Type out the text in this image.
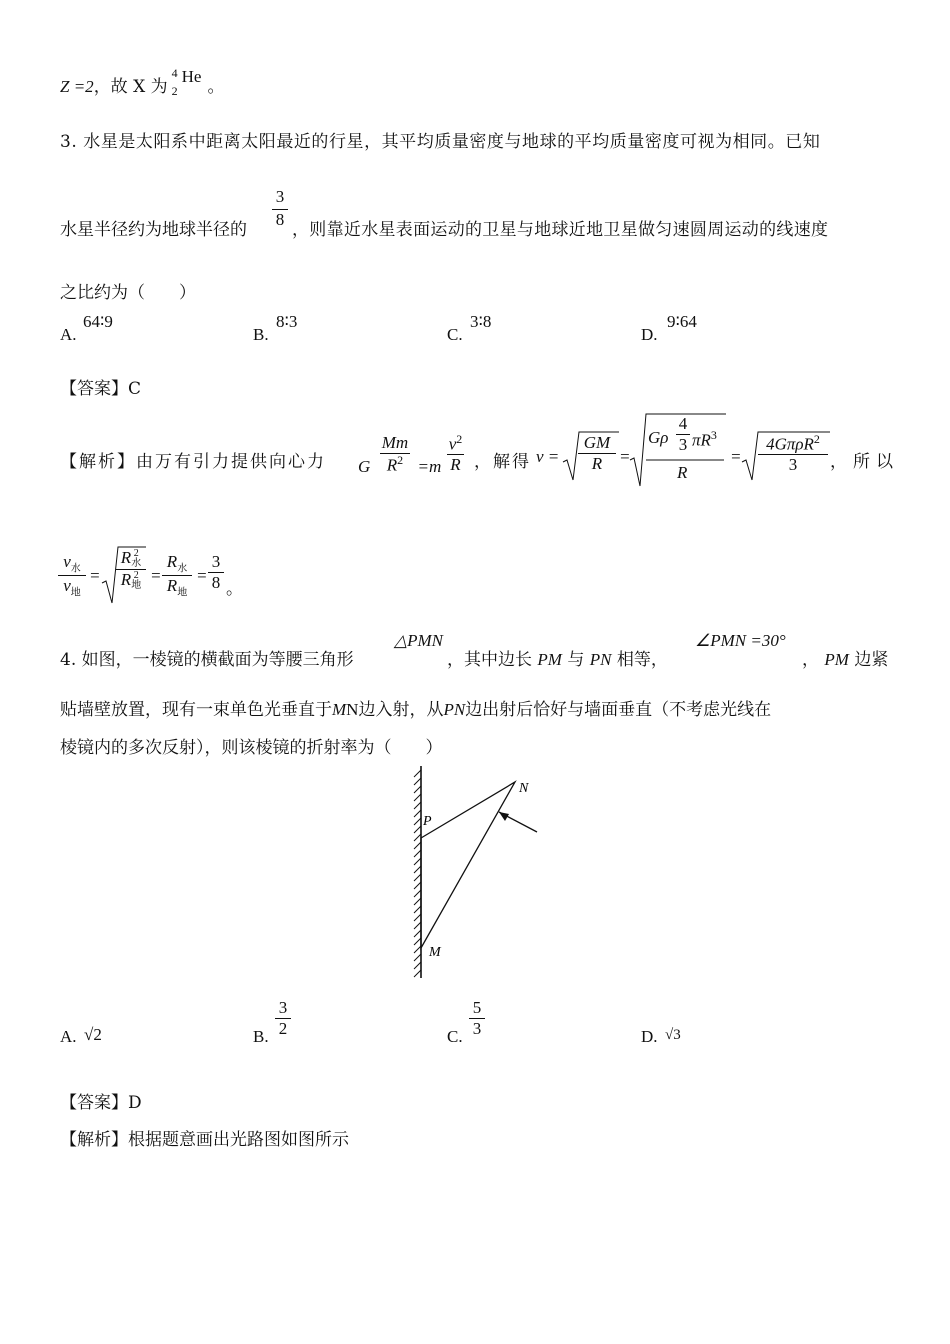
Z =2，故 X 为
4
2
He。
3. 水星是太阳系中距离太阳最近的行星，其平均质量密度与地球的平均质量密度可视为相同。已知
水星半径约为地球半径的
$\frac{3}{8}$
，则靠近水星表面运动的卫星与地球近地卫星做匀速圆周运动的线速度
之比约为（　　）
A.
64∶9
B.
8∶3
C.
3∶8
D.
9∶64
【答案】C
【解析】由万有引力提供向心力 G $\frac{Mm}{R^2} =m \frac{v^2}{R}$ ，解得 $v = \frac{GM}{R}$ =
Gρ $\frac{4}{3} \pi R^3$
R
=
4GπρR$^2$
3	，所以
$v_水$
$v_地$
=
R 2
水
R 2
地
=
$R_水$
$R_地$
= $\frac{3}{8}$ 。
4. 如图，一棱镜的横截面为等腰三角形
△PMN
，其中边长 PM 与 PN 相等，
∠PMN =30°
， PM 边紧
贴墙壁放置，现有一束单色光垂直于MN边入射，从PN边出射后恰好与墙面垂直（不考虑光线在
棱镜内的多次反射），则该棱镜的折射率为（　　）
P
N
M
A. √2	B. $\frac{3}{2}$	C. $\frac{5}{3}$	D. √3
【答案】D
【解析】根据题意画出光路图如图所示
